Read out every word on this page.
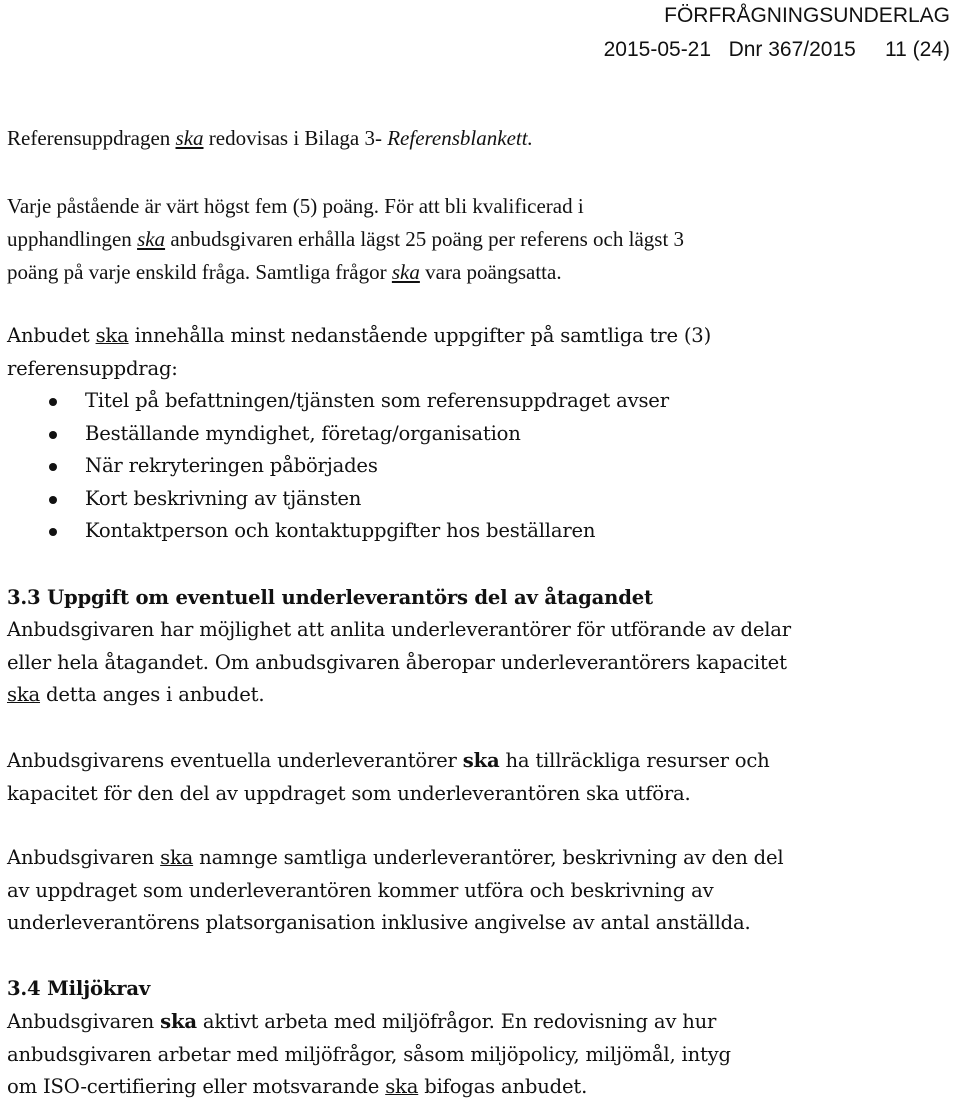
FÖRFRÅGNINGSUNDERLAG
2015-05-21 Dnr 367/2015 11 (24)
Referensuppdragen ska redovisas i Bilaga 3- Referensblankett.
Varje påstående är värt högst fem (5) poäng. För att bli kvalificerad i
upphandlingen ska anbudsgivaren erhålla lägst 25 poäng per referens och lägst 3
poäng på varje enskild fråga. Samtliga frågor ska vara poängsatta.
Anbudet ska innehålla minst nedanstående uppgifter på samtliga tre (3)
referensuppdrag:
Titel på befattningen/tjänsten som referensuppdraget avser
Beställande myndighet, företag/organisation
När rekryteringen påbörjades
Kort beskrivning av tjänsten
Kontaktperson och kontaktuppgifter hos beställaren
3.3 Uppgift om eventuell underleverantörs del av åtagandet
Anbudsgivaren har möjlighet att anlita underleverantörer för utförande av delar
eller hela åtagandet. Om anbudsgivaren åberopar underleverantörers kapacitet
ska detta anges i anbudet.
Anbudsgivarens eventuella underleverantörer ska ha tillräckliga resurser och
kapacitet för den del av uppdraget som underleverantören ska utföra.
Anbudsgivaren ska namnge samtliga underleverantörer, beskrivning av den del
av uppdraget som underleverantören kommer utföra och beskrivning av
underleverantörens platsorganisation inklusive angivelse av antal anställda.
3.4 Miljökrav
Anbudsgivaren ska aktivt arbeta med miljöfrågor. En redovisning av hur
anbudsgivaren arbetar med miljöfrågor, såsom miljöpolicy, miljömål, intyg
om ISO-certifiering eller motsvarande ska bifogas anbudet.
